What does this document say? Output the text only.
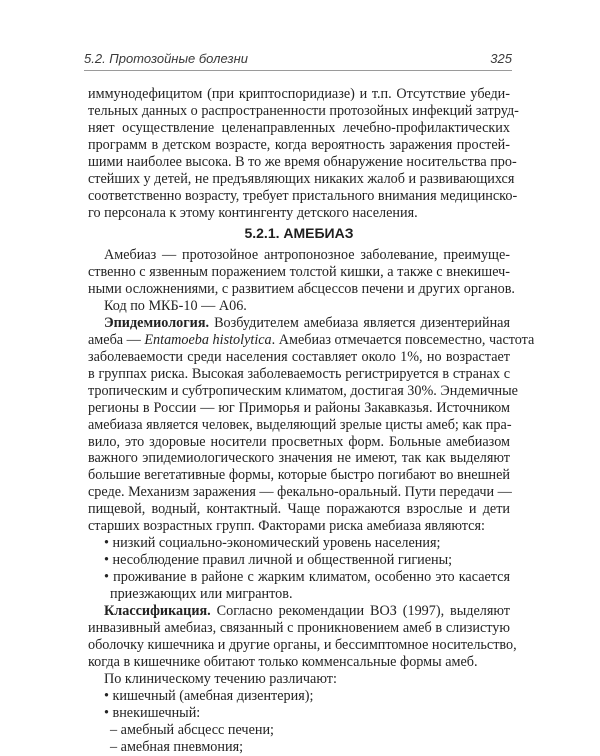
5.2. Протозойные болезни	325
иммунодефицитом (при криптоспоридиазе) и т.п. Отсутствие убеди-
тельных данных о распространенности протозойных инфекций затруд-
няет осуществление целенаправленных лечебно-профилактических
программ в детском возрасте, когда вероятность заражения простей-
шими наиболее высока. В то же время обнаружение носительства про-
стейших у детей, не предъявляющих никаких жалоб и развивающихся
соответственно возрасту, требует пристального внимания медицинско-
го персонала к этому контингенту детского населения.
5.2.1. АМЕБИАЗ
Амебиаз — протозойное антропонозное заболевание, преимуще-
ственно с язвенным поражением толстой кишки, а также с внекишеч-
ными осложнениями, с развитием абсцессов печени и других органов.
Код по МКБ-10 — А06.
Эпидемиология. Возбудителем амебиаза является дизентерийная
амеба — Entamoeba histolytica. Амебиаз отмечается повсеместно, частота
заболеваемости среди населения составляет около 1%, но возрастает
в группах риска. Высокая заболеваемость регистрируется в странах с
тропическим и субтропическим климатом, достигая 30%. Эндемичные
регионы в России — юг Приморья и районы Закавказья. Источником
амебиаза является человек, выделяющий зрелые цисты амеб; как пра-
вило, это здоровые носители просветных форм. Больные амебиазом
важного эпидемиологического значения не имеют, так как выделяют
большие вегетативные формы, которые быстро погибают во внешней
среде. Механизм заражения — фекально-оральный. Пути передачи —
пищевой, водный, контактный. Чаще поражаются взрослые и дети
старших возрастных групп. Факторами риска амебиаза являются:
• низкий социально-экономический уровень населения;
• несоблюдение правил личной и общественной гигиены;
• проживание в районе с жарким климатом, особенно это касается
приезжающих или мигрантов.
Классификация. Согласно рекомендации ВОЗ (1997), выделяют
инвазивный амебиаз, связанный с проникновением амеб в слизистую
оболочку кишечника и другие органы, и бессимптомное носительство,
когда в кишечнике обитают только комменсальные формы амеб.
По клиническому течению различают:
• кишечный (амебная дизентерия);
• внекишечный:
– амебный абсцесс печени;
– амебная пневмония;
